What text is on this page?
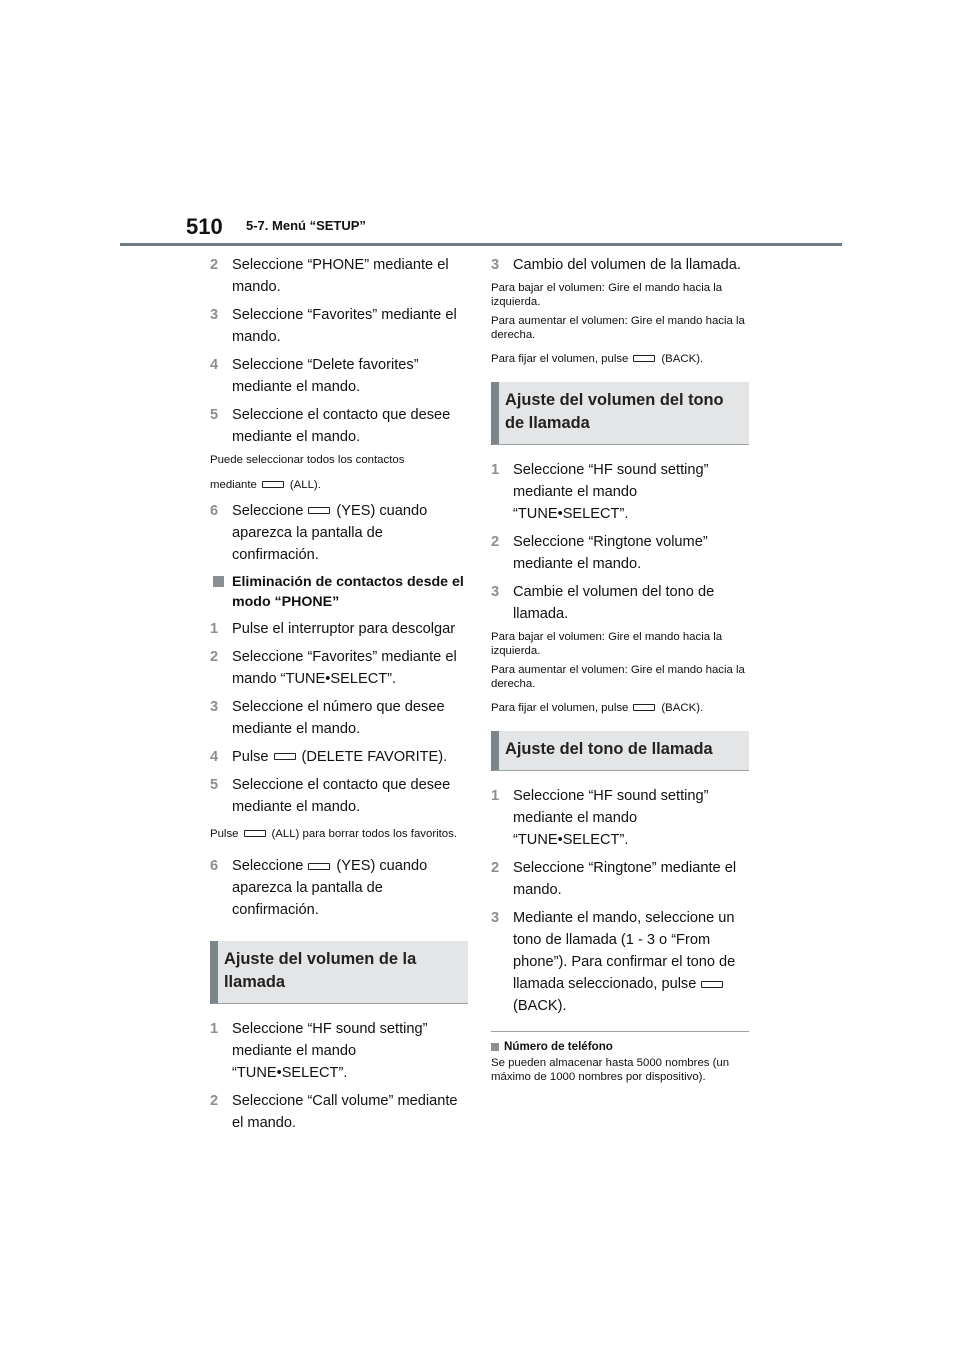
510 5-7. Menú “SETUP”
2 Seleccione “PHONE” mediante el mando.
3 Seleccione “Favorites” mediante el mando.
4 Seleccione “Delete favorites” mediante el mando.
5 Seleccione el contacto que desee mediante el mando.

Puede seleccionar todos los contactos

mediante	(ALL).

6 Seleccione (YES) cuando aparezca la pantalla de confirmación.
Eliminación de contactos desde el modo “PHONE”
1 Pulse el interruptor para descolgar
2 Seleccione “Favorites” mediante el mando “TUNE•SELECT”.
3 Seleccione el número que desee mediante el mando.
4 Pulse (DELETE FAVORITE).
5 Seleccione el contacto que desee mediante el mando.

Pulse	(ALL) para borrar todos los favoritos.

6 Seleccione (YES) cuando aparezca la pantalla de confirmación.
Ajuste del volumen de la llamada
1 Seleccione “HF sound setting” mediante el mando “TUNE•SELECT”.
2 Seleccione “Call volume” mediante el mando.
3 Cambio del volumen de la llamada.

Para bajar el volumen: Gire el mando hacia la izquierda.

Para aumentar el volumen: Gire el mando hacia la derecha.

Para fijar el volumen, pulse	(BACK).

Ajuste del volumen del tono de llamada
1 Seleccione “HF sound setting” mediante el mando “TUNE•SELECT”.
2 Seleccione “Ringtone volume” mediante el mando.
3 Cambie el volumen del tono de llamada.

Para bajar el volumen: Gire el mando hacia la izquierda.

Para aumentar el volumen: Gire el mando hacia la derecha.

Para fijar el volumen, pulse	(BACK).

Ajuste del tono de llamada
1 Seleccione “HF sound setting” mediante el mando “TUNE•SELECT”.
2 Seleccione “Ringtone” mediante el mando.
3 Mediante el mando, seleccione un tono de llamada (1 - 3 o “From phone”). Para confirmar el tono de llamada seleccionado, pulse(BACK).
Número de teléfono

Se pueden almacenar hasta 5000 nombres (un máximo de 1000 nombres por dispositivo).
